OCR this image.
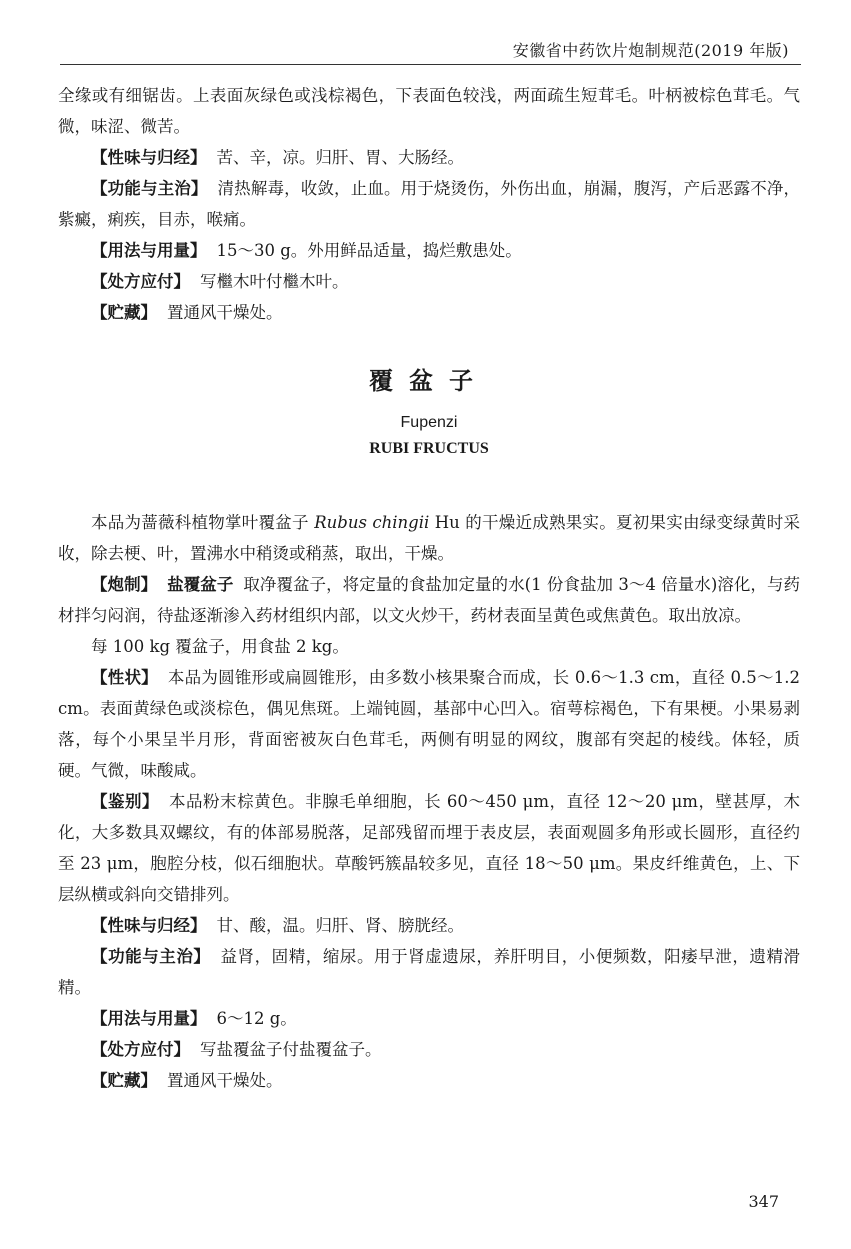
安徽省中药饮片炮制规范(2019 年版)

全缘或有细锯齿。上表面灰绿色或浅棕褐色，下表面色较浅，两面疏生短茸毛。叶柄被棕色茸毛。气微，味涩、微苦。

【性味与归经】 苦、辛，凉。归肝、胃、大肠经。

【功能与主治】 清热解毒，收敛，止血。用于烧烫伤，外伤出血，崩漏，腹泻，产后恶露不净，紫癜，痢疾，目赤，喉痛。

【用法与用量】 15～30 g。外用鲜品适量，捣烂敷患处。

【处方应付】 写檵木叶付檵木叶。

【贮藏】 置通风干燥处。

覆盆子
Fupenzi
RUBI FRUCTUS

本品为蔷薇科植物掌叶覆盆子 Rubus chingii Hu 的干燥近成熟果实。夏初果实由绿变绿黄时采收，除去梗、叶，置沸水中稍烫或稍蒸，取出，干燥。

【炮制】 盐覆盆子 取净覆盆子，将定量的食盐加定量的水(1 份食盐加 3～4 倍量水)溶化，与药材拌匀闷润，待盐逐渐渗入药材组织内部，以文火炒干，药材表面呈黄色或焦黄色。取出放凉。

每 100 kg 覆盆子，用食盐 2 kg。

【性状】 本品为圆锥形或扁圆锥形，由多数小核果聚合而成，长 0.6～1.3 cm，直径 0.5～1.2 cm。表面黄绿色或淡棕色，偶见焦斑。上端钝圆，基部中心凹入。宿萼棕褐色，下有果梗。小果易剥落，每个小果呈半月形，背面密被灰白色茸毛，两侧有明显的网纹，腹部有突起的棱线。体轻，质硬。气微，味酸咸。

【鉴别】 本品粉末棕黄色。非腺毛单细胞，长 60～450 μm，直径 12～20 μm，壁甚厚，木化，大多数具双螺纹，有的体部易脱落，足部残留而埋于表皮层，表面观圆多角形或长圆形，直径约至 23 μm，胞腔分枝，似石细胞状。草酸钙簇晶较多见，直径 18～50 μm。果皮纤维黄色，上、下层纵横或斜向交错排列。

【性味与归经】 甘、酸，温。归肝、肾、膀胱经。

【功能与主治】 益肾，固精，缩尿。用于肾虚遗尿，养肝明目，小便频数，阳痿早泄，遗精滑精。

【用法与用量】 6～12 g。

【处方应付】 写盐覆盆子付盐覆盆子。

【贮藏】 置通风干燥处。

347
